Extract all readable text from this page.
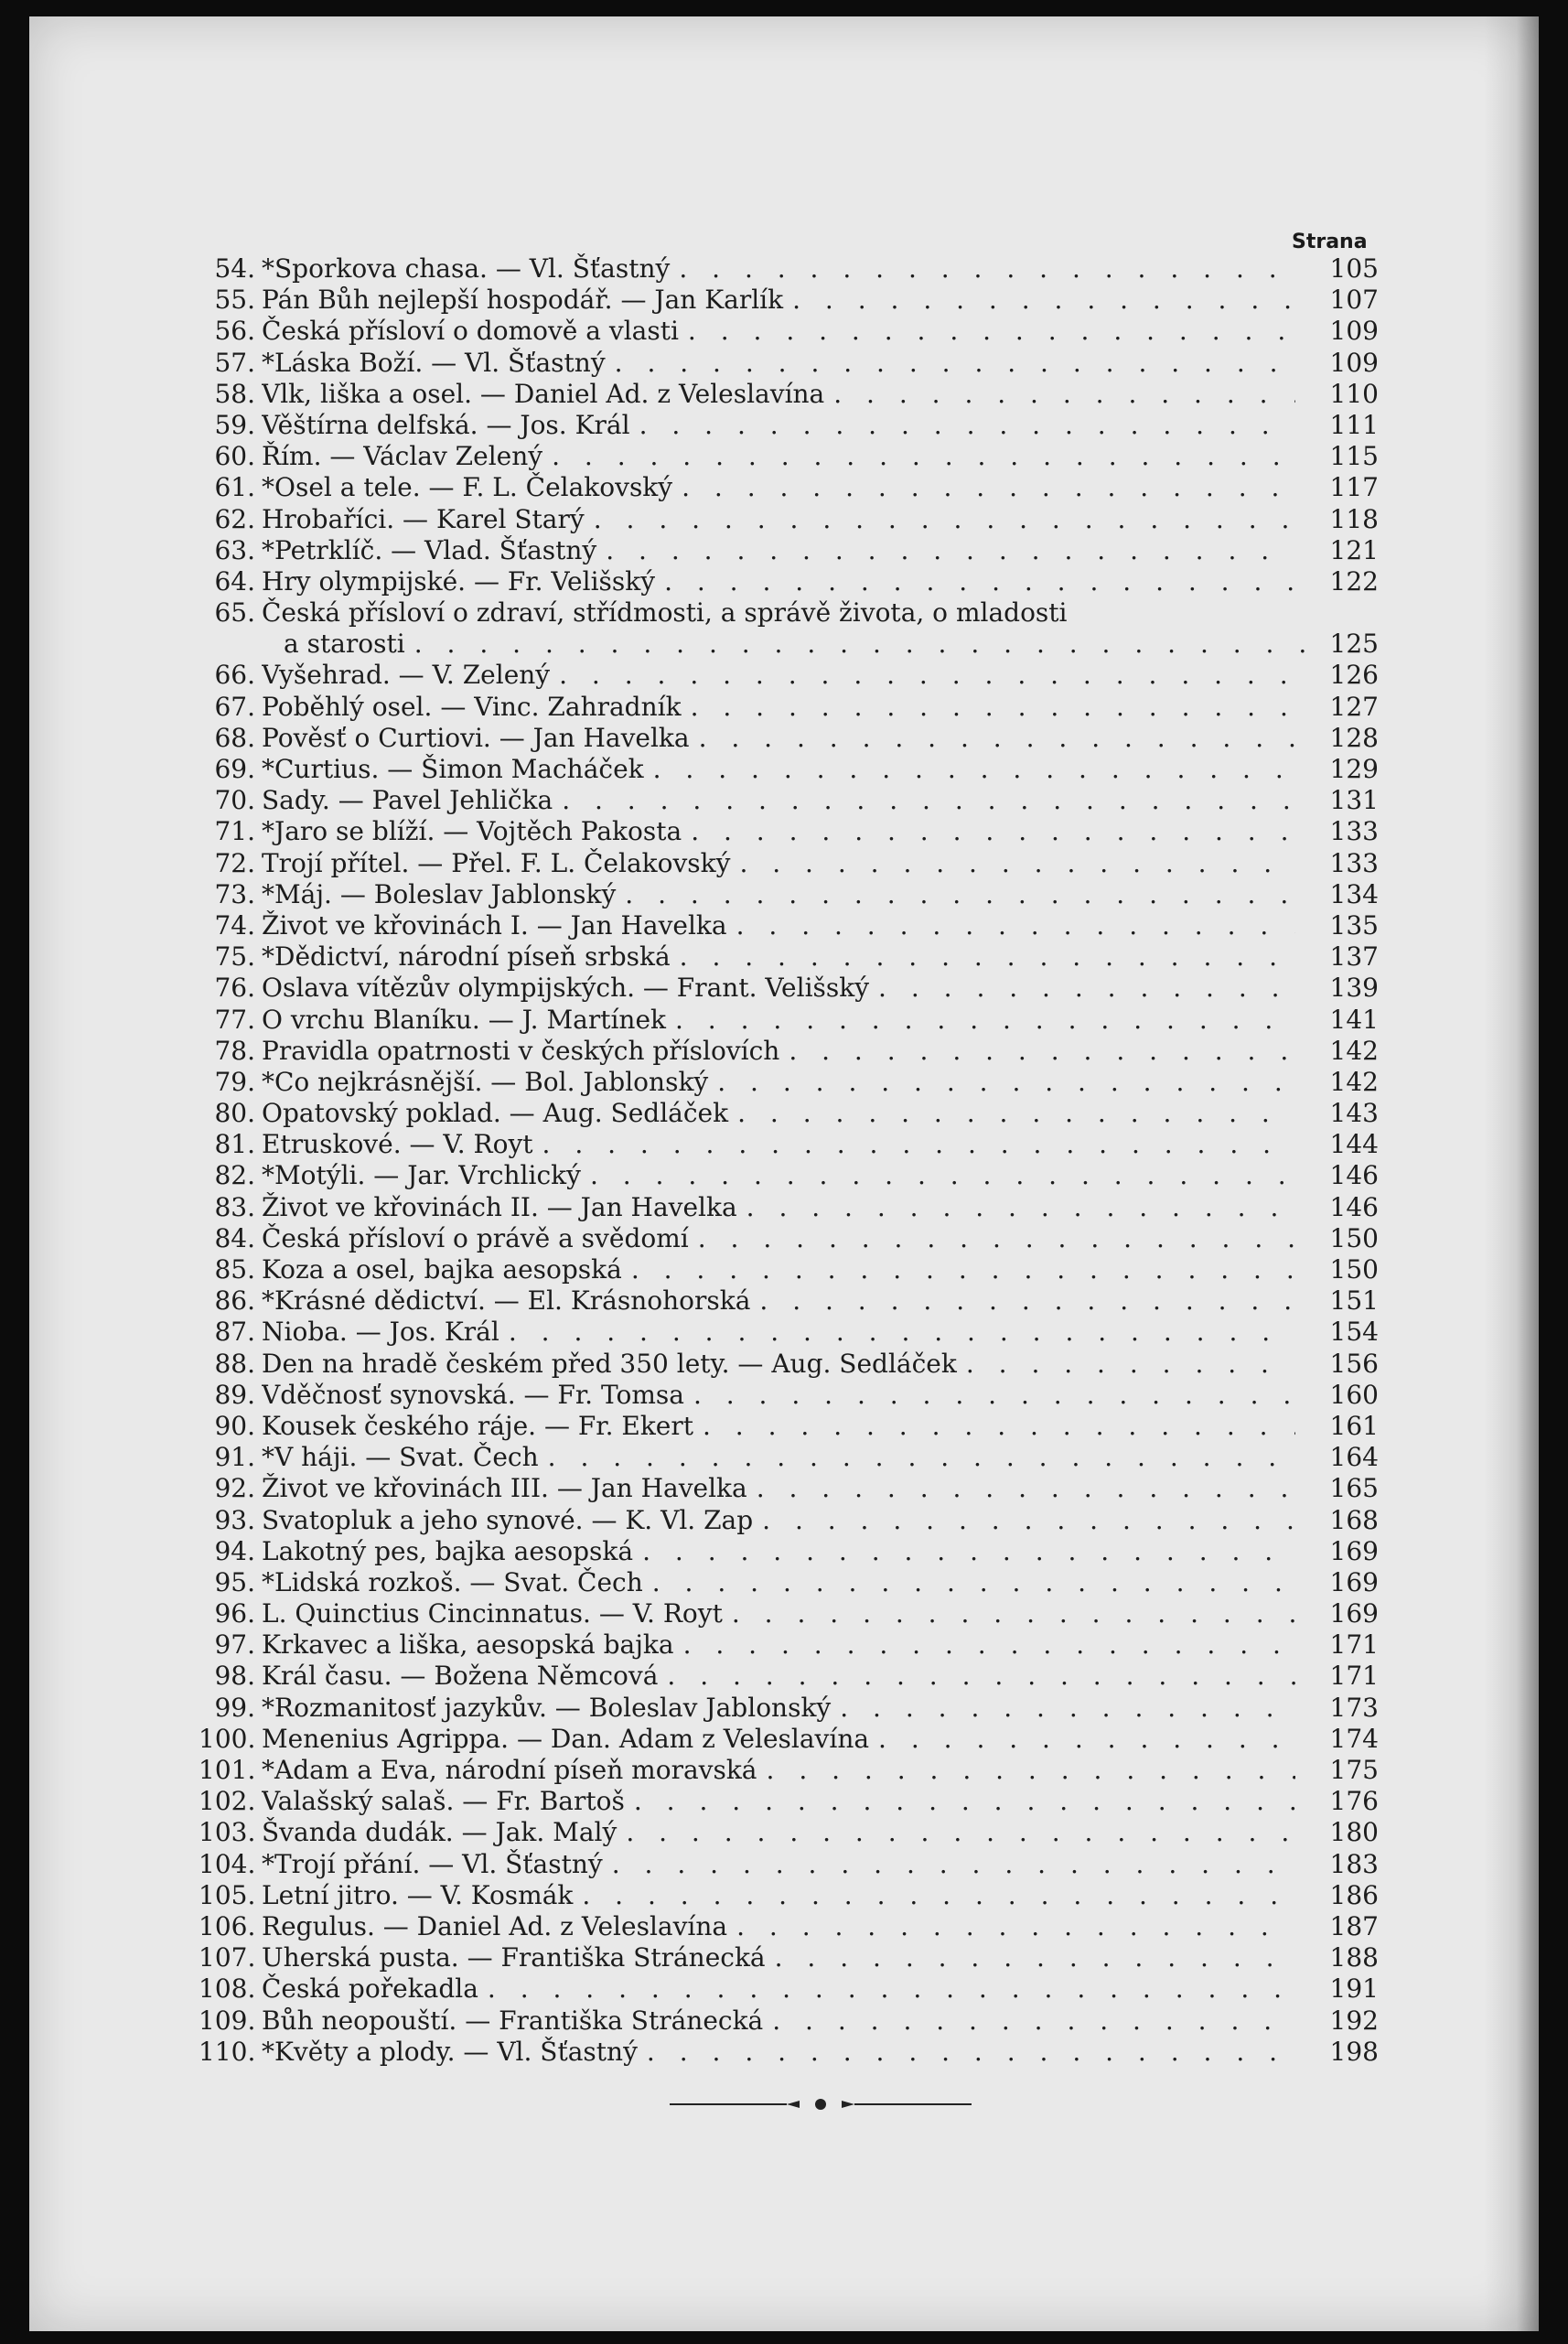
Strana
54. *Sporkova chasa. — Vl. Šťastný . . .	105
55. Pán Bůh nejlepší hospodář. — Jan Karlík . . .	107
56. Česká přísloví o domově a vlasti . . .	109
57. *Láska Boží. — Vl. Šťastný . . .	109
58. Vlk, liška a osel. — Daniel Ad. z Veleslavína . . .	110
59. Věštírna delfská. — Jos. Král . . .	111
60. Řím. — Václav Zelený . . .	115
61. *Osel a tele. — F. L. Čelakovský . . .	117
62. Hrobaříci. — Karel Starý . . .	118
63. *Petrklíč. — Vlad. Šťastný . . .	121
64. Hry olympijské. — Fr. Velišský . . .	122
65. Česká přísloví o zdraví, střídmosti, a správě života, o mladosti
a starosti . . .	125
66. Vyšehrad. — V. Zelený . . .	126
67. Poběhlý osel. — Vinc. Zahradník . . .	127
68. Pověsť o Curtiovi. — Jan Havelka . . .	128
69. *Curtius. — Šimon Macháček . . .	129
70. Sady. — Pavel Jehlička . . .	131
71. *Jaro se blíží. — Vojtěch Pakosta . . .	133
72. Trojí přítel. — Přel. F. L. Čelakovský . . .	133
73. *Máj. — Boleslav Jablonský . . .	134
74. Život ve křovinách I. — Jan Havelka . . .	135
75. *Dědictví, národní píseň srbská . . .	137
76. Oslava vítězův olympijských. — Frant. Velišský . . .	139
77. O vrchu Blaníku. — J. Martínek . . .	141
78. Pravidla opatrnosti v českých příslovích . . .	142
79. *Co nejkrásnější. — Bol. Jablonský . . .	142
80. Opatovský poklad. — Aug. Sedláček . . .	143
81. Etruskové. — V. Royt . . .	144
82. *Motýli. — Jar. Vrchlický . . .	146
83. Život ve křovinách II. — Jan Havelka . . .	146
84. Česká přísloví o právě a svědomí . . .	150
85. Koza a osel, bajka aesopská . . .	150
86. *Krásné dědictví. — El. Krásnohorská . . .	151
87. Nioba. — Jos. Král . . .	154
88. Den na hradě českém před 350 lety. — Aug. Sedláček . . .	156
89. Vděčnosť synovská. — Fr. Tomsa . . .	160
90. Kousek českého ráje. — Fr. Ekert . . .	161
91. *V háji. — Svat. Čech . . .	164
92. Život ve křovinách III. — Jan Havelka . . .	165
93. Svatopluk a jeho synové. — K. Vl. Zap . . .	168
94. Lakotný pes, bajka aesopská . . .	169
95. *Lidská rozkoš. — Svat. Čech . . .	169
96. L. Quinctius Cincinnatus. — V. Royt . . .	169
97. Krkavec a liška, aesopská bajka . . .	171
98. Král času. — Božena Němcová . . .	171
99. *Rozmanitosť jazykův. — Boleslav Jablonský . . .	173
100. Menenius Agrippa. — Dan. Adam z Veleslavína . . .	174
101. *Adam a Eva, národní píseň moravská . . .	175
102. Valašský salaš. — Fr. Bartoš . . .	176
103. Švanda dudák. — Jak. Malý . . .	180
104. *Trojí přání. — Vl. Šťastný . . .	183
105. Letní jitro. — V. Kosmák . . .	186
106. Regulus. — Daniel Ad. z Veleslavína . . .	187
107. Uherská pusta. — Františka Stránecká . . .	188
108. Česká pořekadla . . .	191
109. Bůh neopouští. — Františka Stránecká . . .	192
110. *Květy a plody. — Vl. Šťastný . . .	198
